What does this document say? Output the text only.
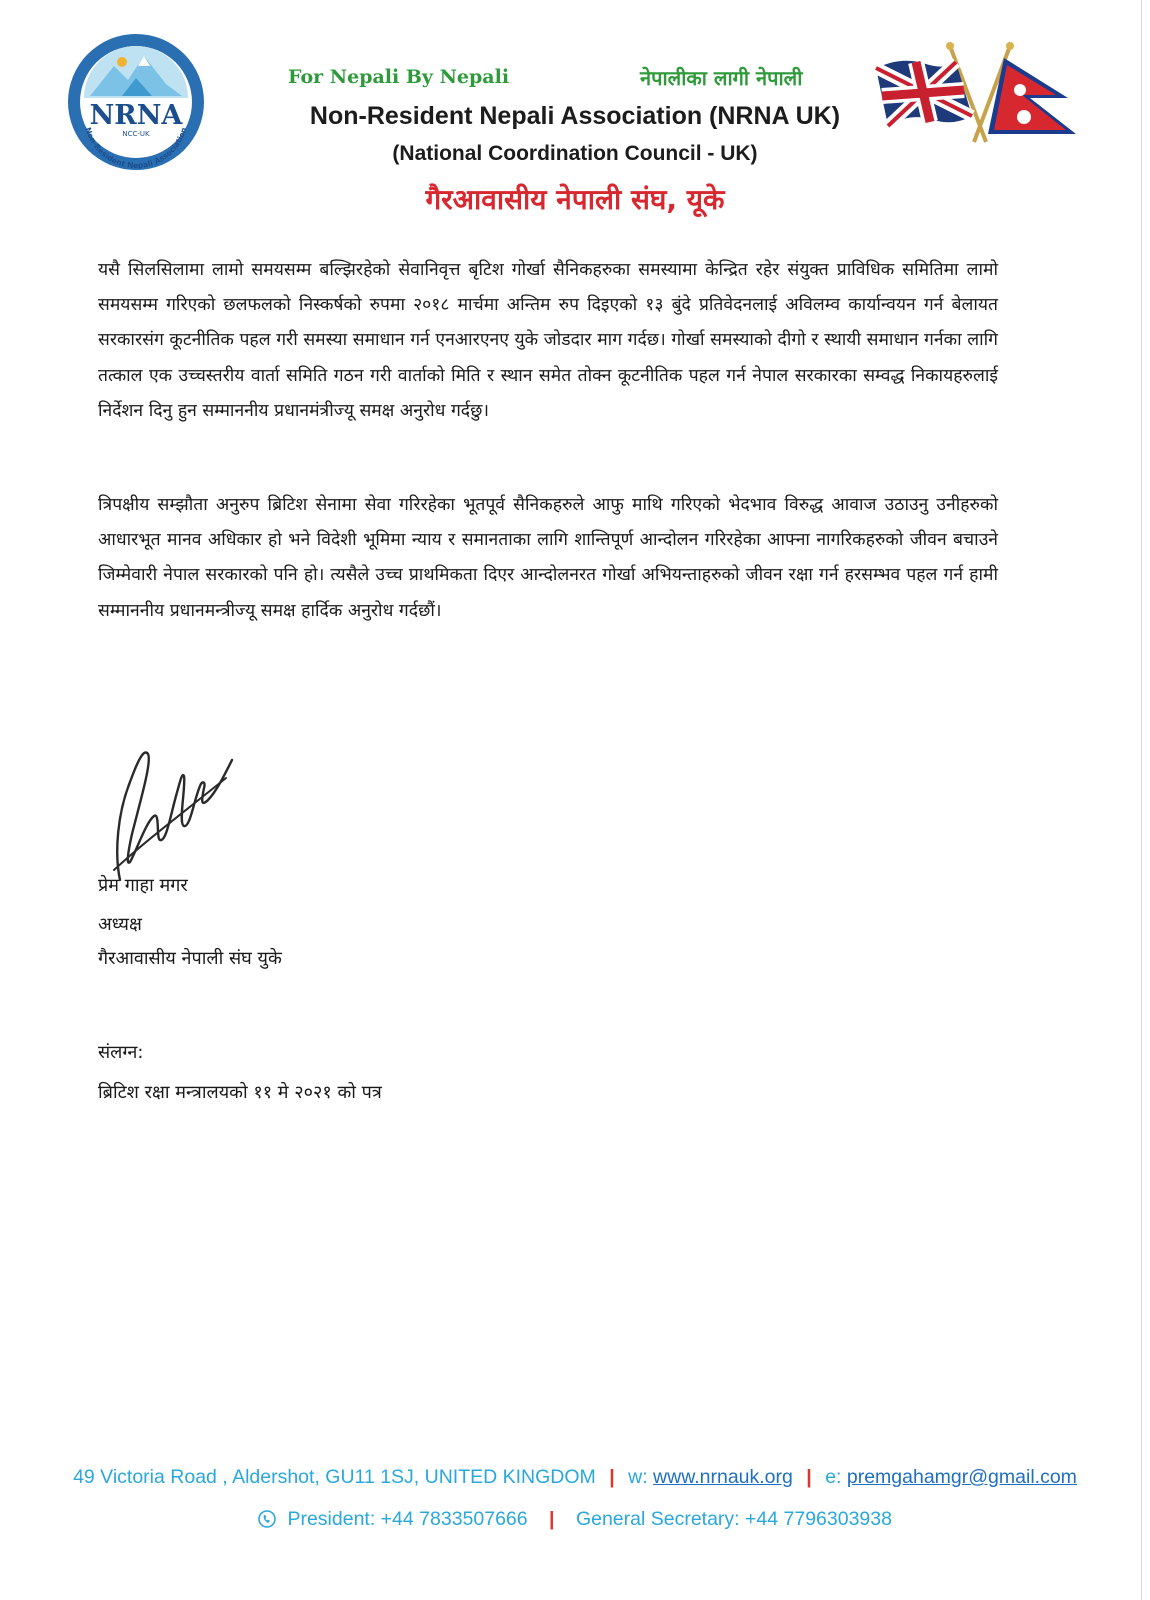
NRNA
NCC-UK
Non-Resident Nepali Association
For Nepali By Nepali	नेपालीका लागी नेपाली
Non-Resident Nepali Association (NRNA UK)
(National Coordination Council - UK)
गैरआवासीय नेपाली संघ, यूके

यसै सिलसिलामा लामो समयसम्म बल्झिरहेको सेवानिवृत्त बृटिश गोर्खा सैनिकहरुका समस्यामा केन्द्रित रहेर संयुक्त प्राविधिक समितिमा लामो समयसम्म गरिएको छलफलको निस्कर्षको रुपमा २०१८ मार्चमा अन्तिम रुप दिइएको १३ बुंदे प्रतिवेदनलाई अविलम्व कार्यान्वयन गर्न बेलायत सरकारसंग कूटनीतिक पहल गरी समस्या समाधान गर्न एनआरएनए युके जोडदार माग गर्दछ। गोर्खा समस्याको दीगो र स्थायी समाधान गर्नका लागि तत्काल एक उच्चस्तरीय वार्ता समिति गठन गरी वार्ताको मिति र स्थान समेत तोक्न कूटनीतिक पहल गर्न नेपाल सरकारका सम्वद्ध निकायहरुलाई निर्देशन दिनु हुन सम्माननीय प्रधानमंत्रीज्यू समक्ष अनुरोध गर्दछु।

त्रिपक्षीय सम्झौता अनुरुप ब्रिटिश सेनामा सेवा गरिरहेका भूतपूर्व सैनिकहरुले आफु माथि गरिएको भेदभाव विरुद्ध आवाज उठाउनु उनीहरुको आधारभूत मानव अधिकार हो भने विदेशी भूमिमा न्याय र समानताका लागि शान्तिपूर्ण आन्दोलन गरिरहेका आफ्ना नागरिकहरुको जीवन बचाउने जिम्मेवारी नेपाल सरकारको पनि हो। त्यसैले उच्च प्राथमिकता दिएर आन्दोलनरत गोर्खा अभियन्ताहरुको जीवन रक्षा गर्न हरसम्भव पहल गर्न हामी सम्माननीय प्रधानमन्त्रीज्यू समक्ष हार्दिक अनुरोध गर्दछौं।

प्रेम गाहा मगर
अध्यक्ष
गैरआवासीय नेपाली संघ युके
संलग्न:
ब्रिटिश रक्षा मन्त्रालयको ११ मे २०२१ को पत्र
49 Victoria Road , Aldershot, GU11 1SJ, UNITED KINGDOM | w: www.nrnauk.org | e: premgahamgr@gmail.com
President: +44 7833507666 | General Secretary: +44 7796303938
